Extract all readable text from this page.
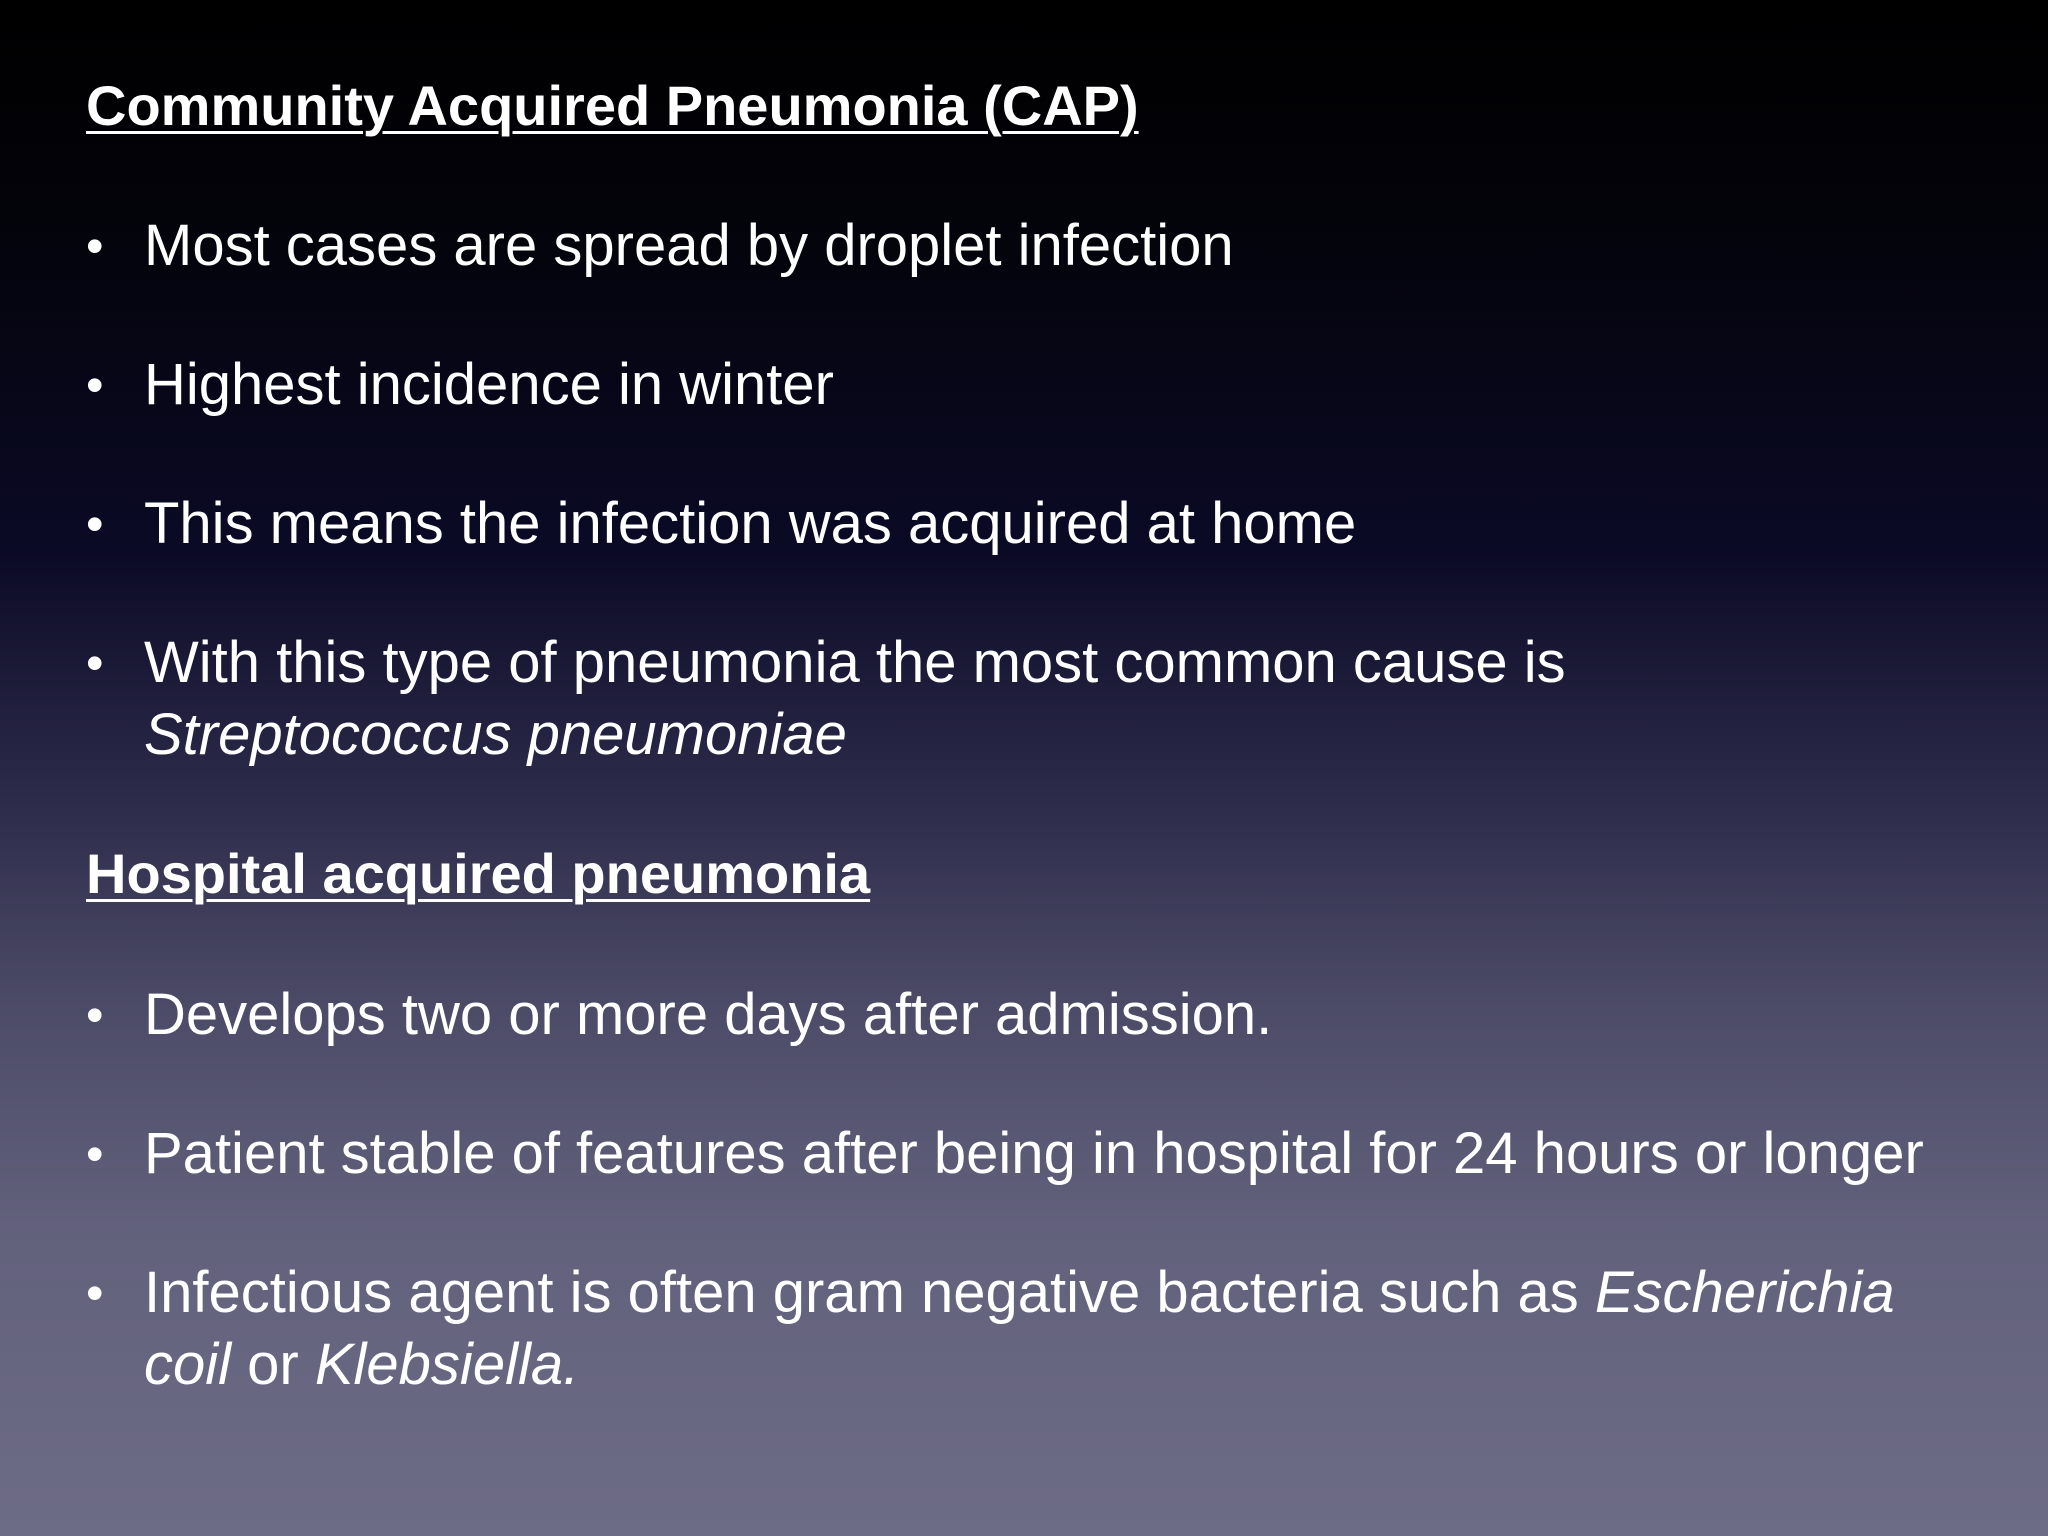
Community Acquired Pneumonia (CAP)
• Most cases are spread by droplet infection
• Highest incidence in winter
• This means the infection was acquired at home
• With this type of pneumonia the most common cause is
Streptococcus pneumoniae
Hospital acquired pneumonia
• Develops two or more days after admission.
• Patient stable of features after being in hospital for 24 hours or longer
• Infectious agent is often gram negative bacteria such as Escherichia
coil or Klebsiella.
